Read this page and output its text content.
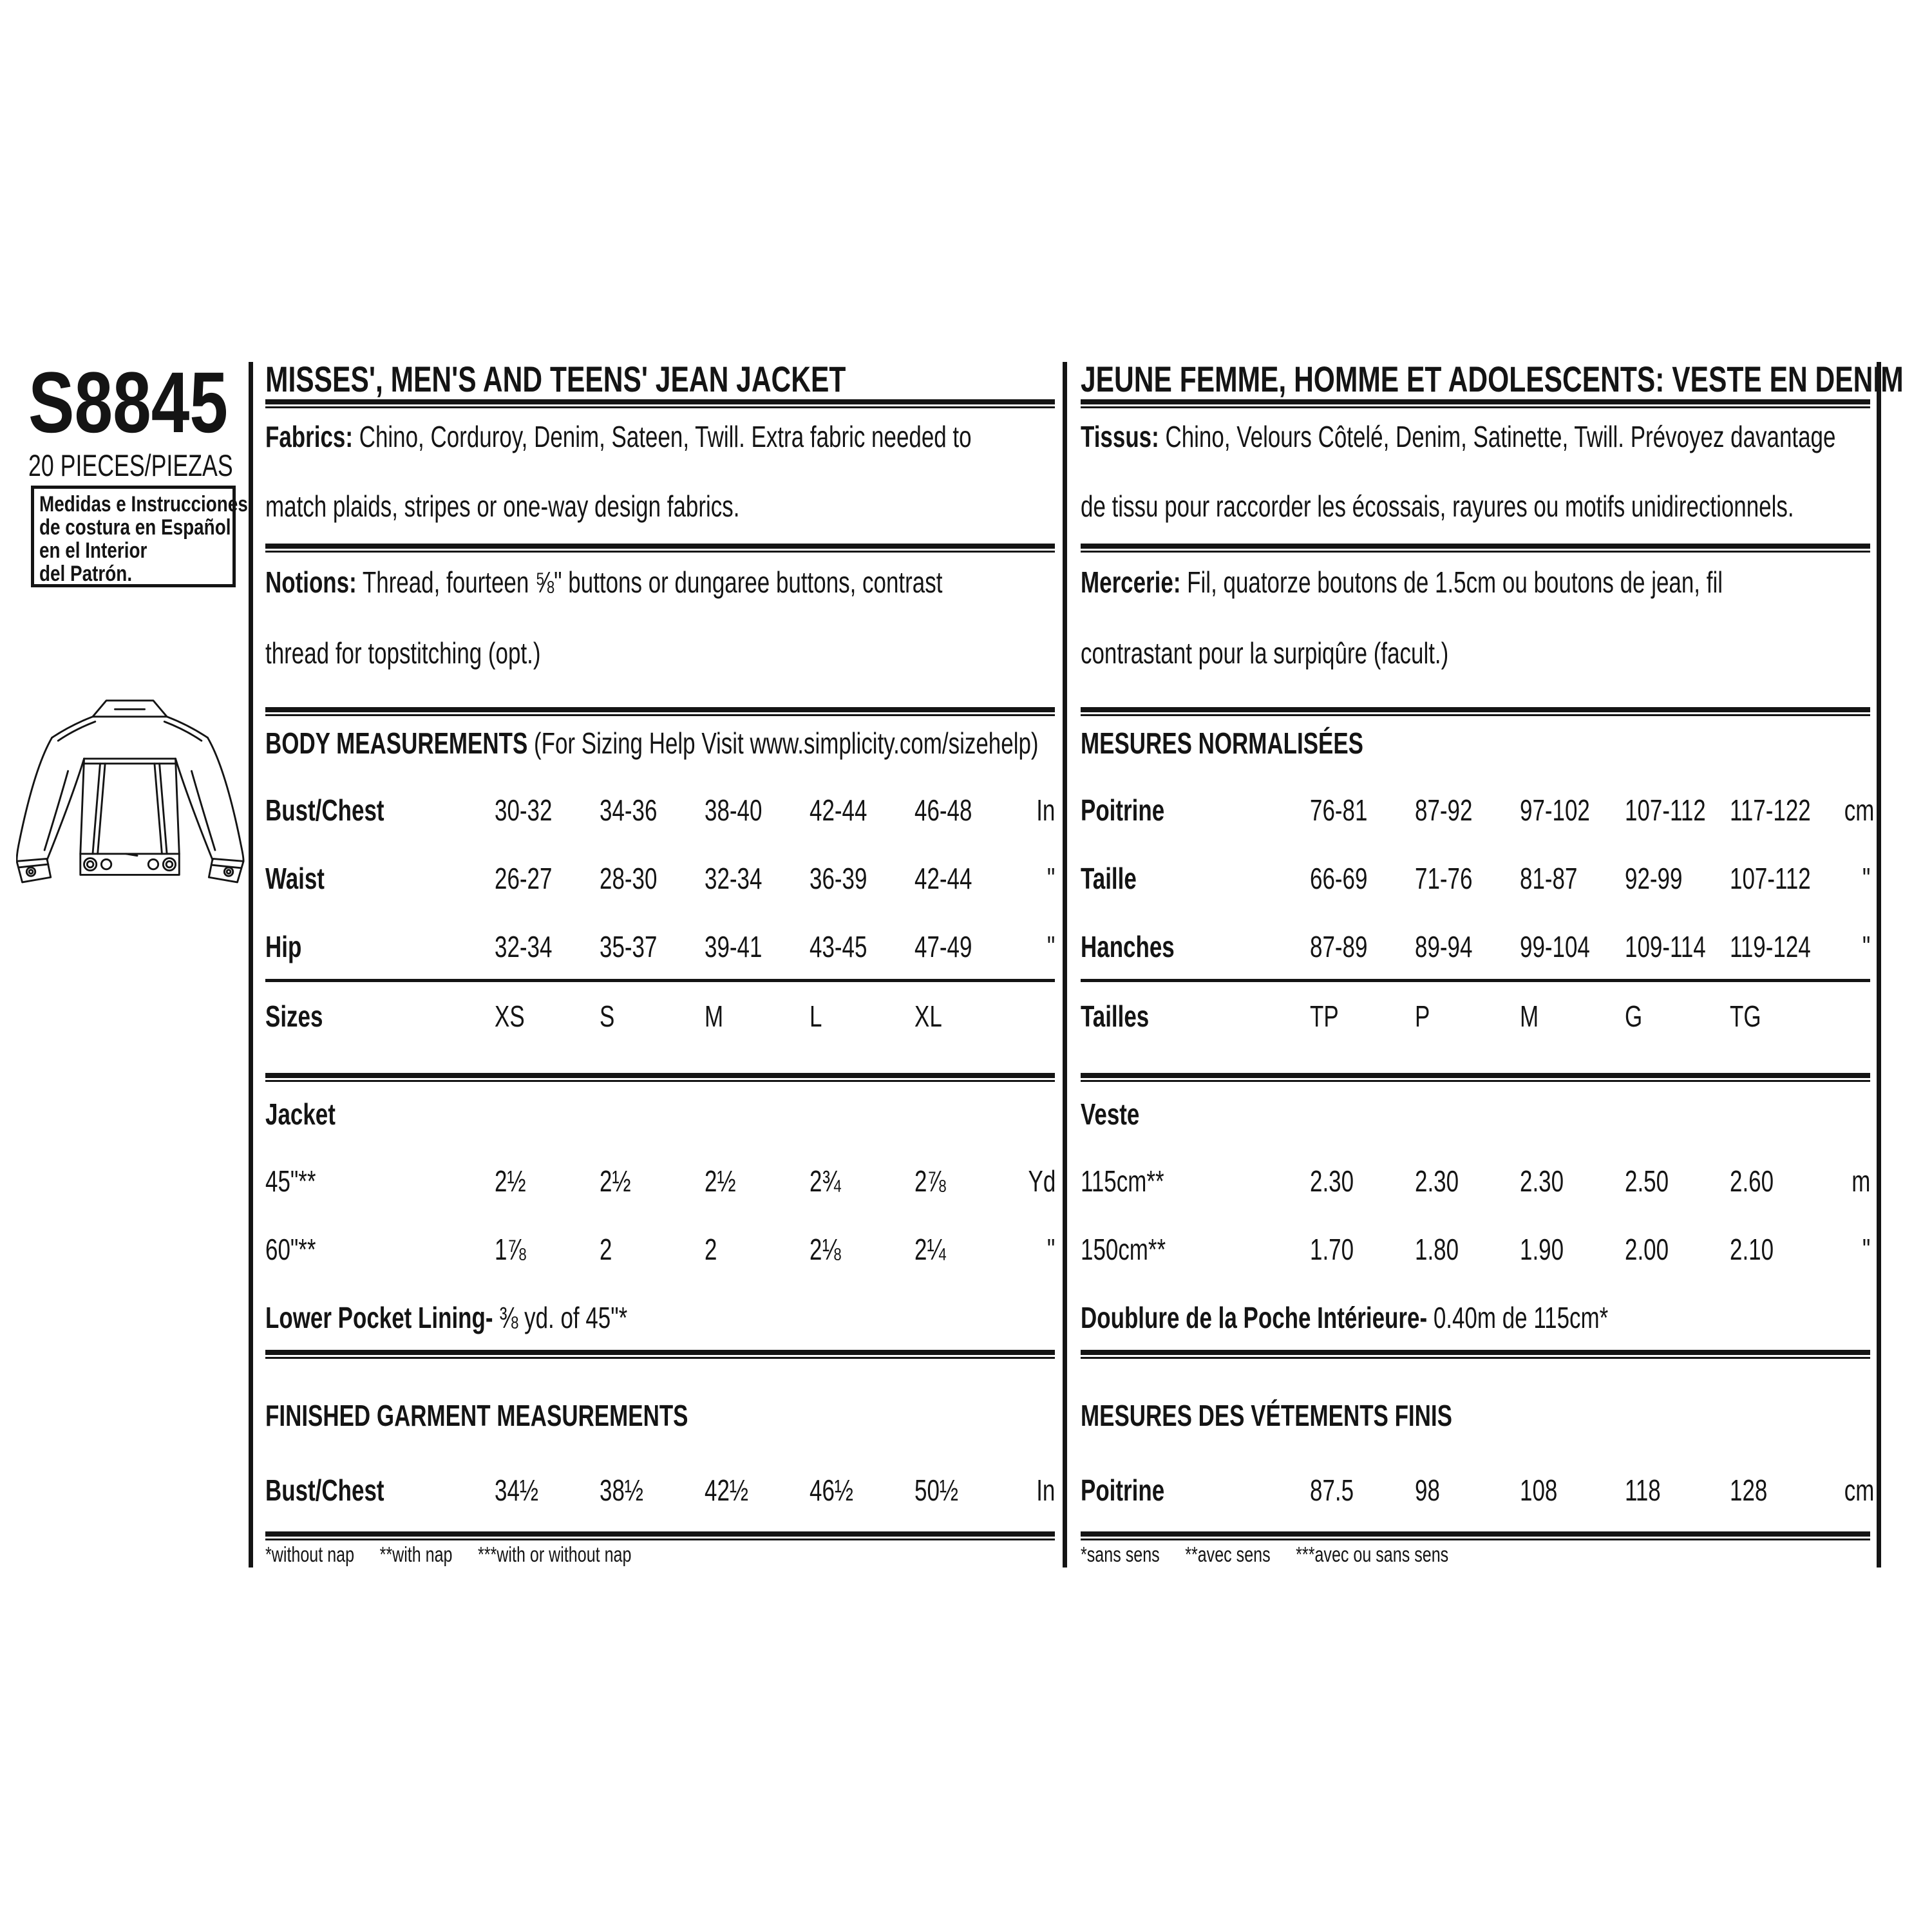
S8845
20 PIECES/PIEZAS
Medidas e Instrucciones
de costura en Español
en el Interior
del Patrón.
MISSES', MEN'S AND TEENS' JEAN JACKET
Fabrics: Chino, Corduroy, Denim, Sateen, Twill. Extra fabric needed to
match plaids, stripes or one-way design fabrics.
Notions: Thread, fourteen ⅝" buttons or dungaree buttons, contrast
thread for topstitching (opt.)
BODY MEASUREMENTS (For Sizing Help Visit www.simplicity.com/sizehelp)
Bust/Chest	30-32	34-36	38-40	42-44	46-48	In
Waist	26-27	28-30	32-34	36-39	42-44	"
Hip	32-34	35-37	39-41	43-45	47-49	"
Sizes	XS	S	M	L	XL
Jacket
45"**	2½	2½	2½	2¾	2⅞	Yd
60"**	1⅞	2	2	2⅛	2¼	"
Lower Pocket Lining- ⅜ yd. of 45"*
FINISHED GARMENT MEASUREMENTS
Bust/Chest	34½	38½	42½	46½	50½	In
*without nap **with nap ***with or without nap
JEUNE FEMME, HOMME ET ADOLESCENTS: VESTE EN DENIM
Tissus: Chino, Velours Côtelé, Denim, Satinette, Twill. Prévoyez davantage
de tissu pour raccorder les écossais, rayures ou motifs unidirectionnels.
Mercerie: Fil, quatorze boutons de 1.5cm ou boutons de jean, fil
contrastant pour la surpiqûre (facult.)
MESURES NORMALISÉES
Poitrine	76-81	87-92	97-102	107-112 117-122	cm
Taille	66-69	71-76	81-87	92-99	107-112	"
Hanches	87-89	89-94	99-104	109-114 119-124	"
Tailles	TP	P	M	G	TG
Veste
115cm**	2.30	2.30	2.30	2.50	2.60	m
150cm**	1.70	1.80	1.90	2.00	2.10	"
Doublure de la Poche Intérieure- 0.40m de 115cm*
MESURES DES VÉTEMENTS FINIS
Poitrine	87.5	98	108	118	128	cm
*sans sens **avec sens ***avec ou sans sens
